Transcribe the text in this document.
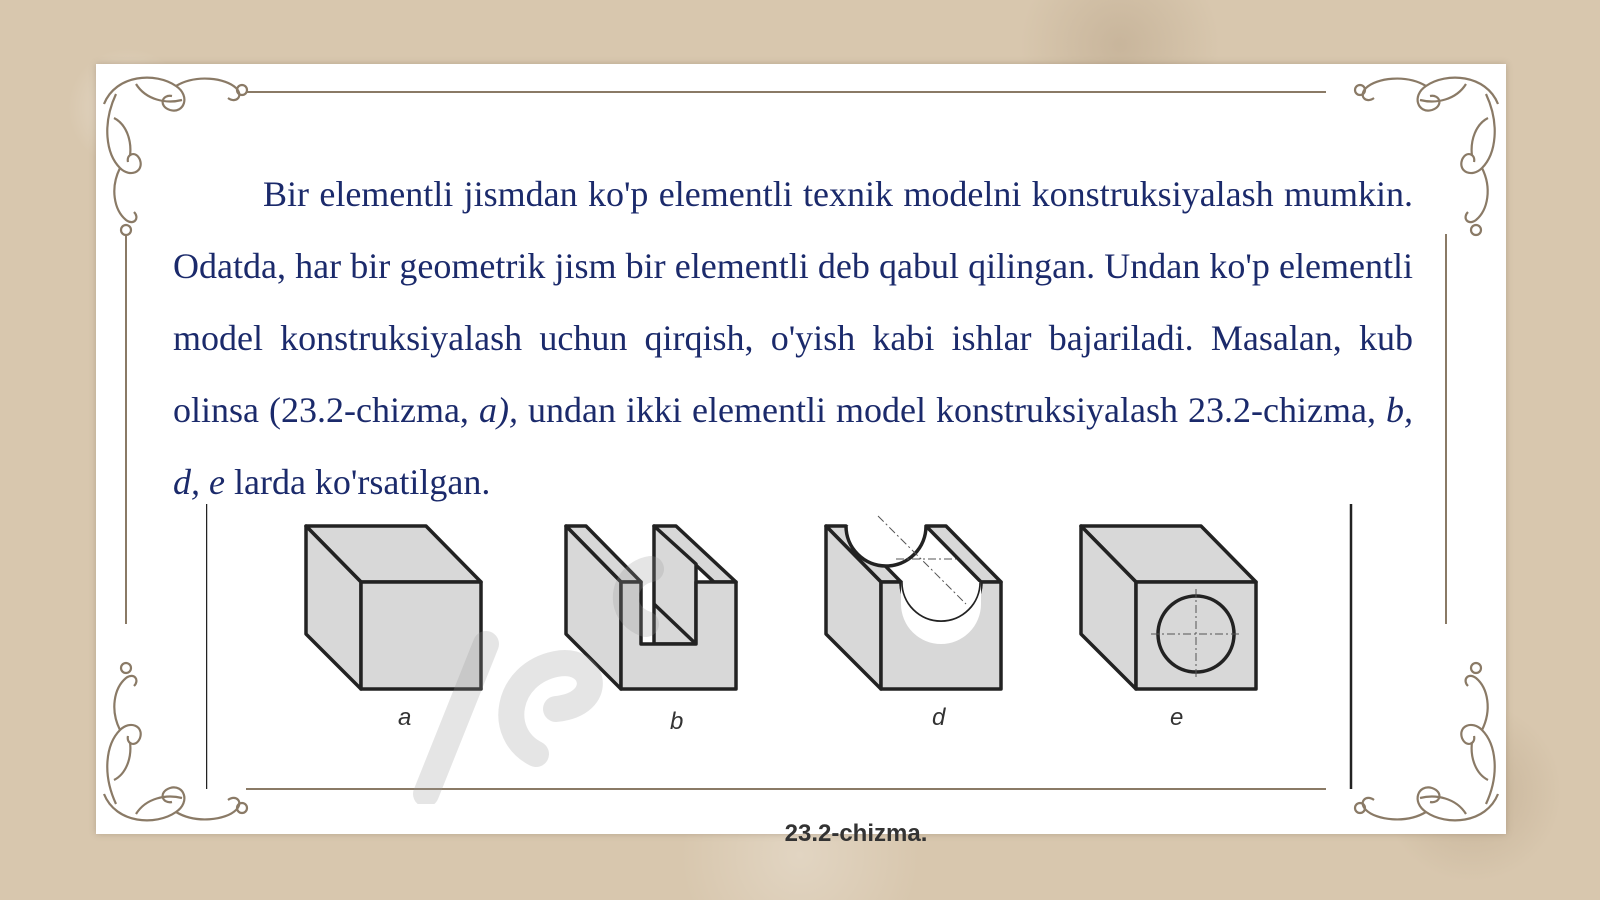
Bir elementli jismdan ko'p elementli texnik modelni konstruksiyalash mumkin. Odatda, har bir geometrik jism bir elementli deb qabul qilingan. Undan ko'p elementli model konstruksiyalash uchun qirqish, o'yish kabi ishlar bajariladi. Masalan, kub olinsa (23.2-chizma, a), undan ikki elementli model konstruksiyalash 23.2-chizma, b, d, e larda ko'rsatilgan.

a	b	d	e
23.2-chizma.
